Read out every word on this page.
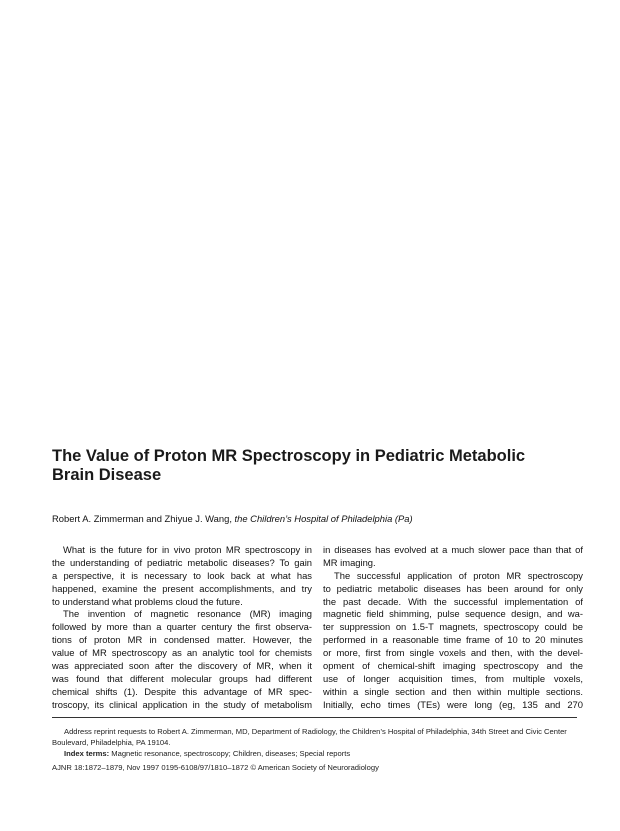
The Value of Proton MR Spectroscopy in Pediatric Metabolic
Brain Disease
Robert A. Zimmerman and Zhiyue J. Wang, the Children’s Hospital of Philadelphia (Pa)
What is the future for in vivo proton MR spectroscopy in
the understanding of pediatric metabolic diseases? To gain
a perspective, it is necessary to look back at what has
happened, examine the present accomplishments, and try
to understand what problems cloud the future.
The invention of magnetic resonance (MR) imaging
followed by more than a quarter century the first observa-
tions of proton MR in condensed matter. However, the
value of MR spectroscopy as an analytic tool for chemists
was appreciated soon after the discovery of MR, when it
was found that different molecular groups had different
chemical shifts (1). Despite this advantage of MR spec-
troscopy, its clinical application in the study of metabolism
in diseases has evolved at a much slower pace than that of
MR imaging.
The successful application of proton MR spectroscopy
to pediatric metabolic diseases has been around for only
the past decade. With the successful implementation of
magnetic field shimming, pulse sequence design, and wa-
ter suppression on 1.5-T magnets, spectroscopy could be
performed in a reasonable time frame of 10 to 20 minutes
or more, first from single voxels and then, with the devel-
opment of chemical-shift imaging spectroscopy and the
use of longer acquisition times, from multiple voxels,
within a single section and then within multiple sections.
Initially, echo times (TEs) were long (eg, 135 and 270
Address reprint requests to Robert A. Zimmerman, MD, Department of Radiology, the Children’s Hospital of Philadelphia, 34th Street and Civic Center
Boulevard, Philadelphia, PA 19104.
Index terms: Magnetic resonance, spectroscopy; Children, diseases; Special reports
AJNR 18:1872–1879, Nov 1997 0195-6108/97/1810–1872 © American Society of Neuroradiology
